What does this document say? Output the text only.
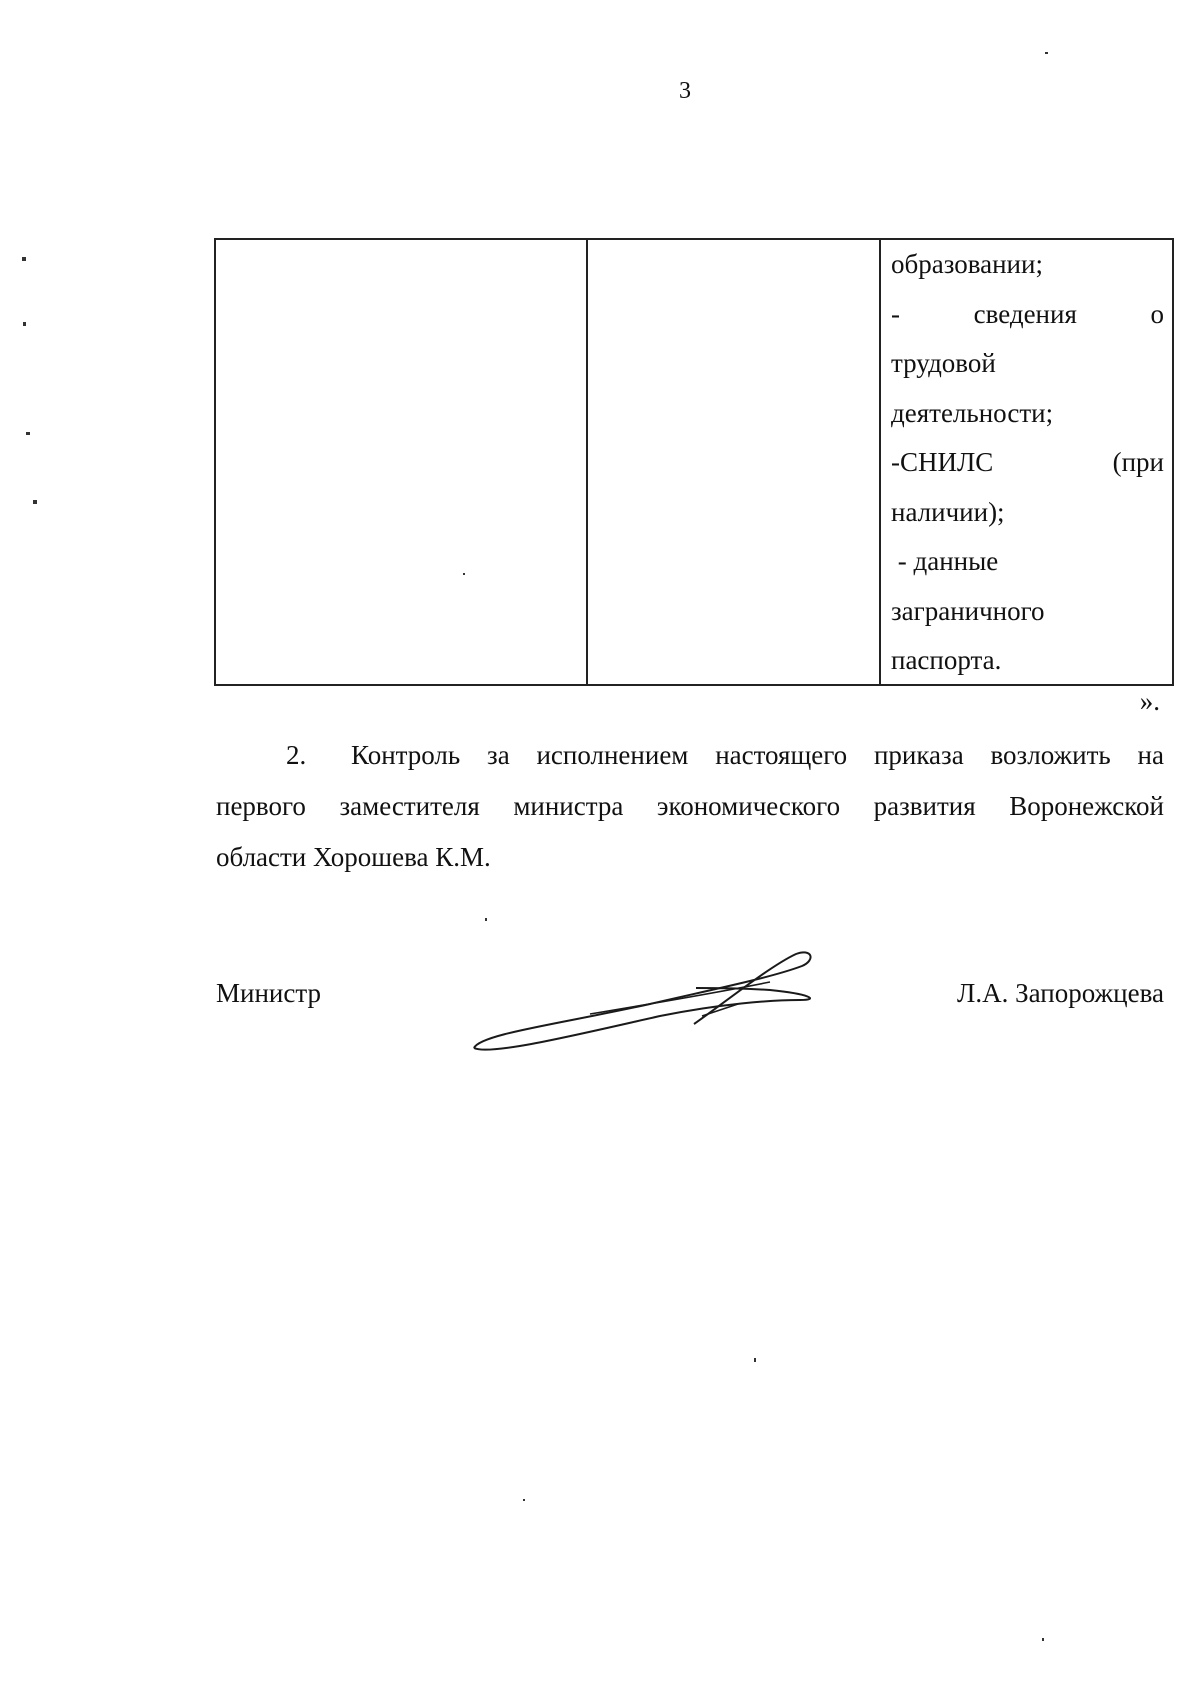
3
образовании;
-	сведения	о
трудовой
деятельности;
-СНИЛС	(при
наличии);
- данные
заграничного
паспорта.
».
2. Контроль за исполнением настоящего приказа возложить на
первого заместителя министра экономического развития Воронежской
области Хорошева К.М.
Министр	Л.А. Запорожцева
